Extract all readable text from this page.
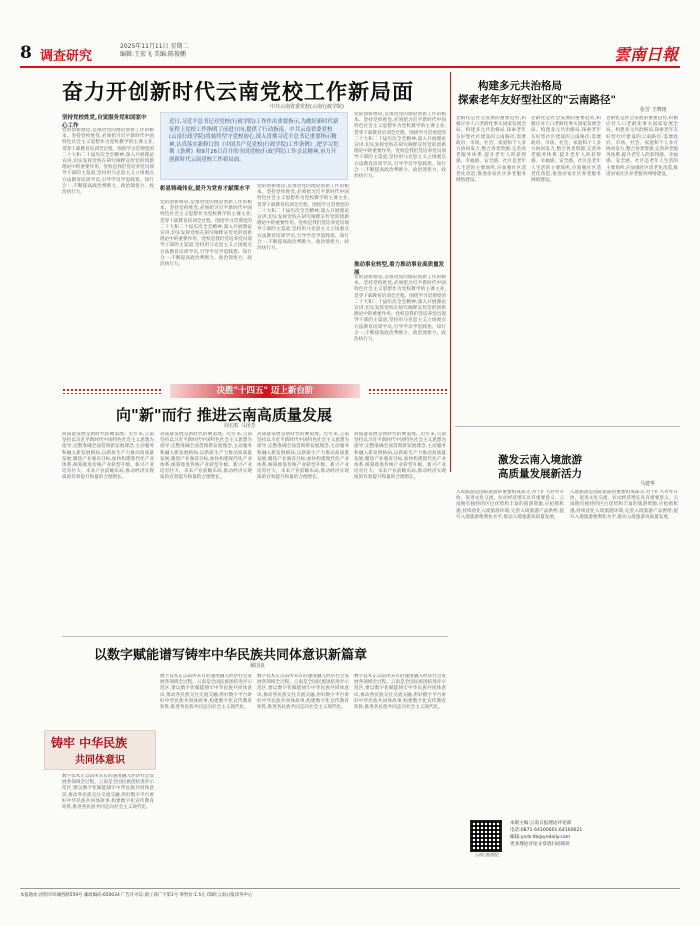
8 调查研究
2025年11月11日 星期二
编辑:王宏飞 美编:陈俊鹏	雲南日報
奋力开创新时代云南党校工作新局面
中共云南省委党校(云南行政学院)
坚持党校姓党,自觉服务党和国家中心工作
近日,习近平总书记对党校(行政学院)工作作出重要指示,为做好新时代新征程上党校工作指明了前进方向,提供了行动指南。中共云南省委党校(云南行政学院)将始终坚守党校初心,深入贯彻习近平总书记重要指示精神,认真落实新修订的《中国共产党党校(行政学院)工作条例》,把学习贯彻《条例》和9月26日召开的全国党校(行政学院)工作会议精神,奋力开创新时代云南党校工作新局面。
党的创新理论,是推进党的理论创新工作的根本。坚持党校姓党,必须把习近平新时代中国特色社会主义思想作为党校教学的主课主业,贯穿干部教育培训全过程。围绕学习贯彻党的二十大和二十届历次全会精神,深入开展理论宣讲,切实发挥党校在研究阐释宣传党的创新理论中的重要作用。党校是我们党培养党员领导干部的主渠道,坚持用马克思主义立场观点方法教育培训学员,引导学员学思践悟、知行合一,不断提高政治判断力、政治领悟力、政治执行力。
彰显铸魂伟业,提升为党育才献策水平
党的创新理论,是推进党的理论创新工作的根本。坚持党校姓党,必须把习近平新时代中国特色社会主义思想作为党校教学的主课主业,贯穿干部教育培训全过程。围绕学习贯彻党的二十大和二十届历次全会精神,深入开展理论宣讲,切实发挥党校在研究阐释宣传党的创新理论中的重要作用。党校是我们党培养党员领导干部的主渠道,坚持用马克思主义立场观点方法教育培训学员,引导学员学思践悟、知行合一,不断提高政治判断力、政治领悟力、政治执行力。
党的创新理论,是推进党的理论创新工作的根本。坚持党校姓党,必须把习近平新时代中国特色社会主义思想作为党校教学的主课主业,贯穿干部教育培训全过程。围绕学习贯彻党的二十大和二十届历次全会精神,深入开展理论宣讲,切实发挥党校在研究阐释宣传党的创新理论中的重要作用。党校是我们党培养党员领导干部的主渠道,坚持用马克思主义立场观点方法教育培训学员,引导学员学思践悟、知行合一,不断提高政治判断力、政治领悟力、政治执行力。
推动事业转型,着力推动事业高质量发展
党的创新理论,是推进党的理论创新工作的根本。坚持党校姓党,必须把习近平新时代中国特色社会主义思想作为党校教学的主课主业,贯穿干部教育培训全过程。围绕学习贯彻党的二十大和二十届历次全会精神,深入开展理论宣讲,切实发挥党校在研究阐释宣传党的创新理论中的重要作用。党校是我们党培养党员领导干部的主渠道,坚持用马克思主义立场观点方法教育培训学员,引导学员学思践悟、知行合一,不断提高政治判断力、政治领悟力、政治执行力。
党的创新理论,是推进党的理论创新工作的根本。坚持党校姓党,必须把习近平新时代中国特色社会主义思想作为党校教学的主课主业,贯穿干部教育培训全过程。围绕学习贯彻党的二十大和二十届历次全会精神,深入开展理论宣讲,切实发挥党校在研究阐释宣传党的创新理论中的重要作用。党校是我们党培养党员领导干部的主渠道,坚持用马克思主义立场观点方法教育培训学员,引导学员学思践悟、知行合一,不断提高政治判断力、政治领悟力、政治执行力。
构建多元共治格局
探索老年友好型社区的"云南路径"
张芳 王晓雨
老龄化是社会发展的重要趋势,积极应对人口老龄化事关国家发展全局。构建多元共治格局,探索老年友好型社区建设的云南路径,需要政府、市场、社会、家庭和个人多方协同发力,整合各类资源,完善养老服务体系,提升老年人的获得感、幸福感、安全感。社区是老年人生活的主要场所,应加强社区适老化改造,推进居家社区养老服务网络建设。
老龄化是社会发展的重要趋势,积极应对人口老龄化事关国家发展全局。构建多元共治格局,探索老年友好型社区建设的云南路径,需要政府、市场、社会、家庭和个人多方协同发力,整合各类资源,完善养老服务体系,提升老年人的获得感、幸福感、安全感。社区是老年人生活的主要场所,应加强社区适老化改造,推进居家社区养老服务网络建设。
老龄化是社会发展的重要趋势,积极应对人口老龄化事关国家发展全局。构建多元共治格局,探索老年友好型社区建设的云南路径,需要政府、市场、社会、家庭和个人多方协同发力,整合各类资源,完善养老服务体系,提升老年人的获得感、幸福感、安全感。社区是老年人生活的主要场所,应加强社区适老化改造,推进居家社区养老服务网络建设。
决胜"十四五" 迈上新台阶
向"新"而行 推进云南高质量发展
周长虹 马泽芳
高质量发展是新时代的硬道理。近年来,云南坚持以习近平新时代中国特色社会主义思想为指导,完整准确全面贯彻新发展理念,主动服务和融入新发展格局,以新质生产力推动高质量发展,聚焦产业强省目标,加快构建现代化产业体系,统筹推进传统产业转型升级、新兴产业培育壮大、未来产业前瞻布局,推动经济实现质的有效提升和量的合理增长。
高质量发展是新时代的硬道理。近年来,云南坚持以习近平新时代中国特色社会主义思想为指导,完整准确全面贯彻新发展理念,主动服务和融入新发展格局,以新质生产力推动高质量发展,聚焦产业强省目标,加快构建现代化产业体系,统筹推进传统产业转型升级、新兴产业培育壮大、未来产业前瞻布局,推动经济实现质的有效提升和量的合理增长。
高质量发展是新时代的硬道理。近年来,云南坚持以习近平新时代中国特色社会主义思想为指导,完整准确全面贯彻新发展理念,主动服务和融入新发展格局,以新质生产力推动高质量发展,聚焦产业强省目标,加快构建现代化产业体系,统筹推进传统产业转型升级、新兴产业培育壮大、未来产业前瞻布局,推动经济实现质的有效提升和量的合理增长。
高质量发展是新时代的硬道理。近年来,云南坚持以习近平新时代中国特色社会主义思想为指导,完整准确全面贯彻新发展理念,主动服务和融入新发展格局,以新质生产力推动高质量发展,聚焦产业强省目标,加快构建现代化产业体系,统筹推进传统产业转型升级、新兴产业培育壮大、未来产业前瞻布局,推动经济实现质的有效提升和量的合理增长。
激发云南入境旅游
高质量发展新活力
马建华
入境旅游是国际旅游的重要组成部分,对于扩大对外开放、促进文化交流、拉动经济增长具有重要意义。云南拥有独特的区位优势和丰富的旅游资源,应抢抓机遇,持续优化入境旅游环境,完善入境旅游产品供给,提升入境旅游便利化水平,推动入境旅游高质量发展。
入境旅游是国际旅游的重要组成部分,对于扩大对外开放、促进文化交流、拉动经济增长具有重要意义。云南拥有独特的区位优势和丰富的旅游资源,应抢抓机遇,持续优化入境旅游环境,完善入境旅游产品供给,提升入境旅游便利化水平,推动入境旅游高质量发展。
以数字赋能谱写铸牢中华民族共同体意识新篇章
郝国良
铸牢 中华民族
共同体意识
数字技术正以前所未有的速度融入经济社会发展各领域全过程。云南是全国民族团结进步示范区,要以数字化赋能铸牢中华民族共同体意识,推动各民族交往交流交融,用好数字平台讲好中华民族共同体故事,构建数字化宣传教育矩阵,推进各民族共同走向社会主义现代化。
数字技术正以前所未有的速度融入经济社会发展各领域全过程。云南是全国民族团结进步示范区,要以数字化赋能铸牢中华民族共同体意识,推动各民族交往交流交融,用好数字平台讲好中华民族共同体故事,构建数字化宣传教育矩阵,推进各民族共同走向社会主义现代化。
数字技术正以前所未有的速度融入经济社会发展各领域全过程。云南是全国民族团结进步示范区,要以数字化赋能铸牢中华民族共同体意识,推动各民族交往交流交融,用好数字平台讲好中华民族共同体故事,构建数字化宣传教育矩阵,推进各民族共同走向社会主义现代化。
数字技术正以前所未有的速度融入经济社会发展各领域全过程。云南是全国民族团结进步示范区,要以数字化赋能铸牢中华民族共同体意识,推动各民族交往交流交融,用好数字平台讲好中华民族共同体故事,构建数字化宣传教育矩阵,推进各民族共同走向社会主义现代化。
云南日报理论
本版主编:云南日报理论评论部
电话:0871-64160601,64160621
邮箱:ynrb-llb@yndaily.com
更多理论评论文章请扫码阅读
本报地址:昆明市环城西路559号 邮政编码:650034 广告许可证:滇工商广字第1号 零售价:1.5元 印刷:云南日报印务中心
